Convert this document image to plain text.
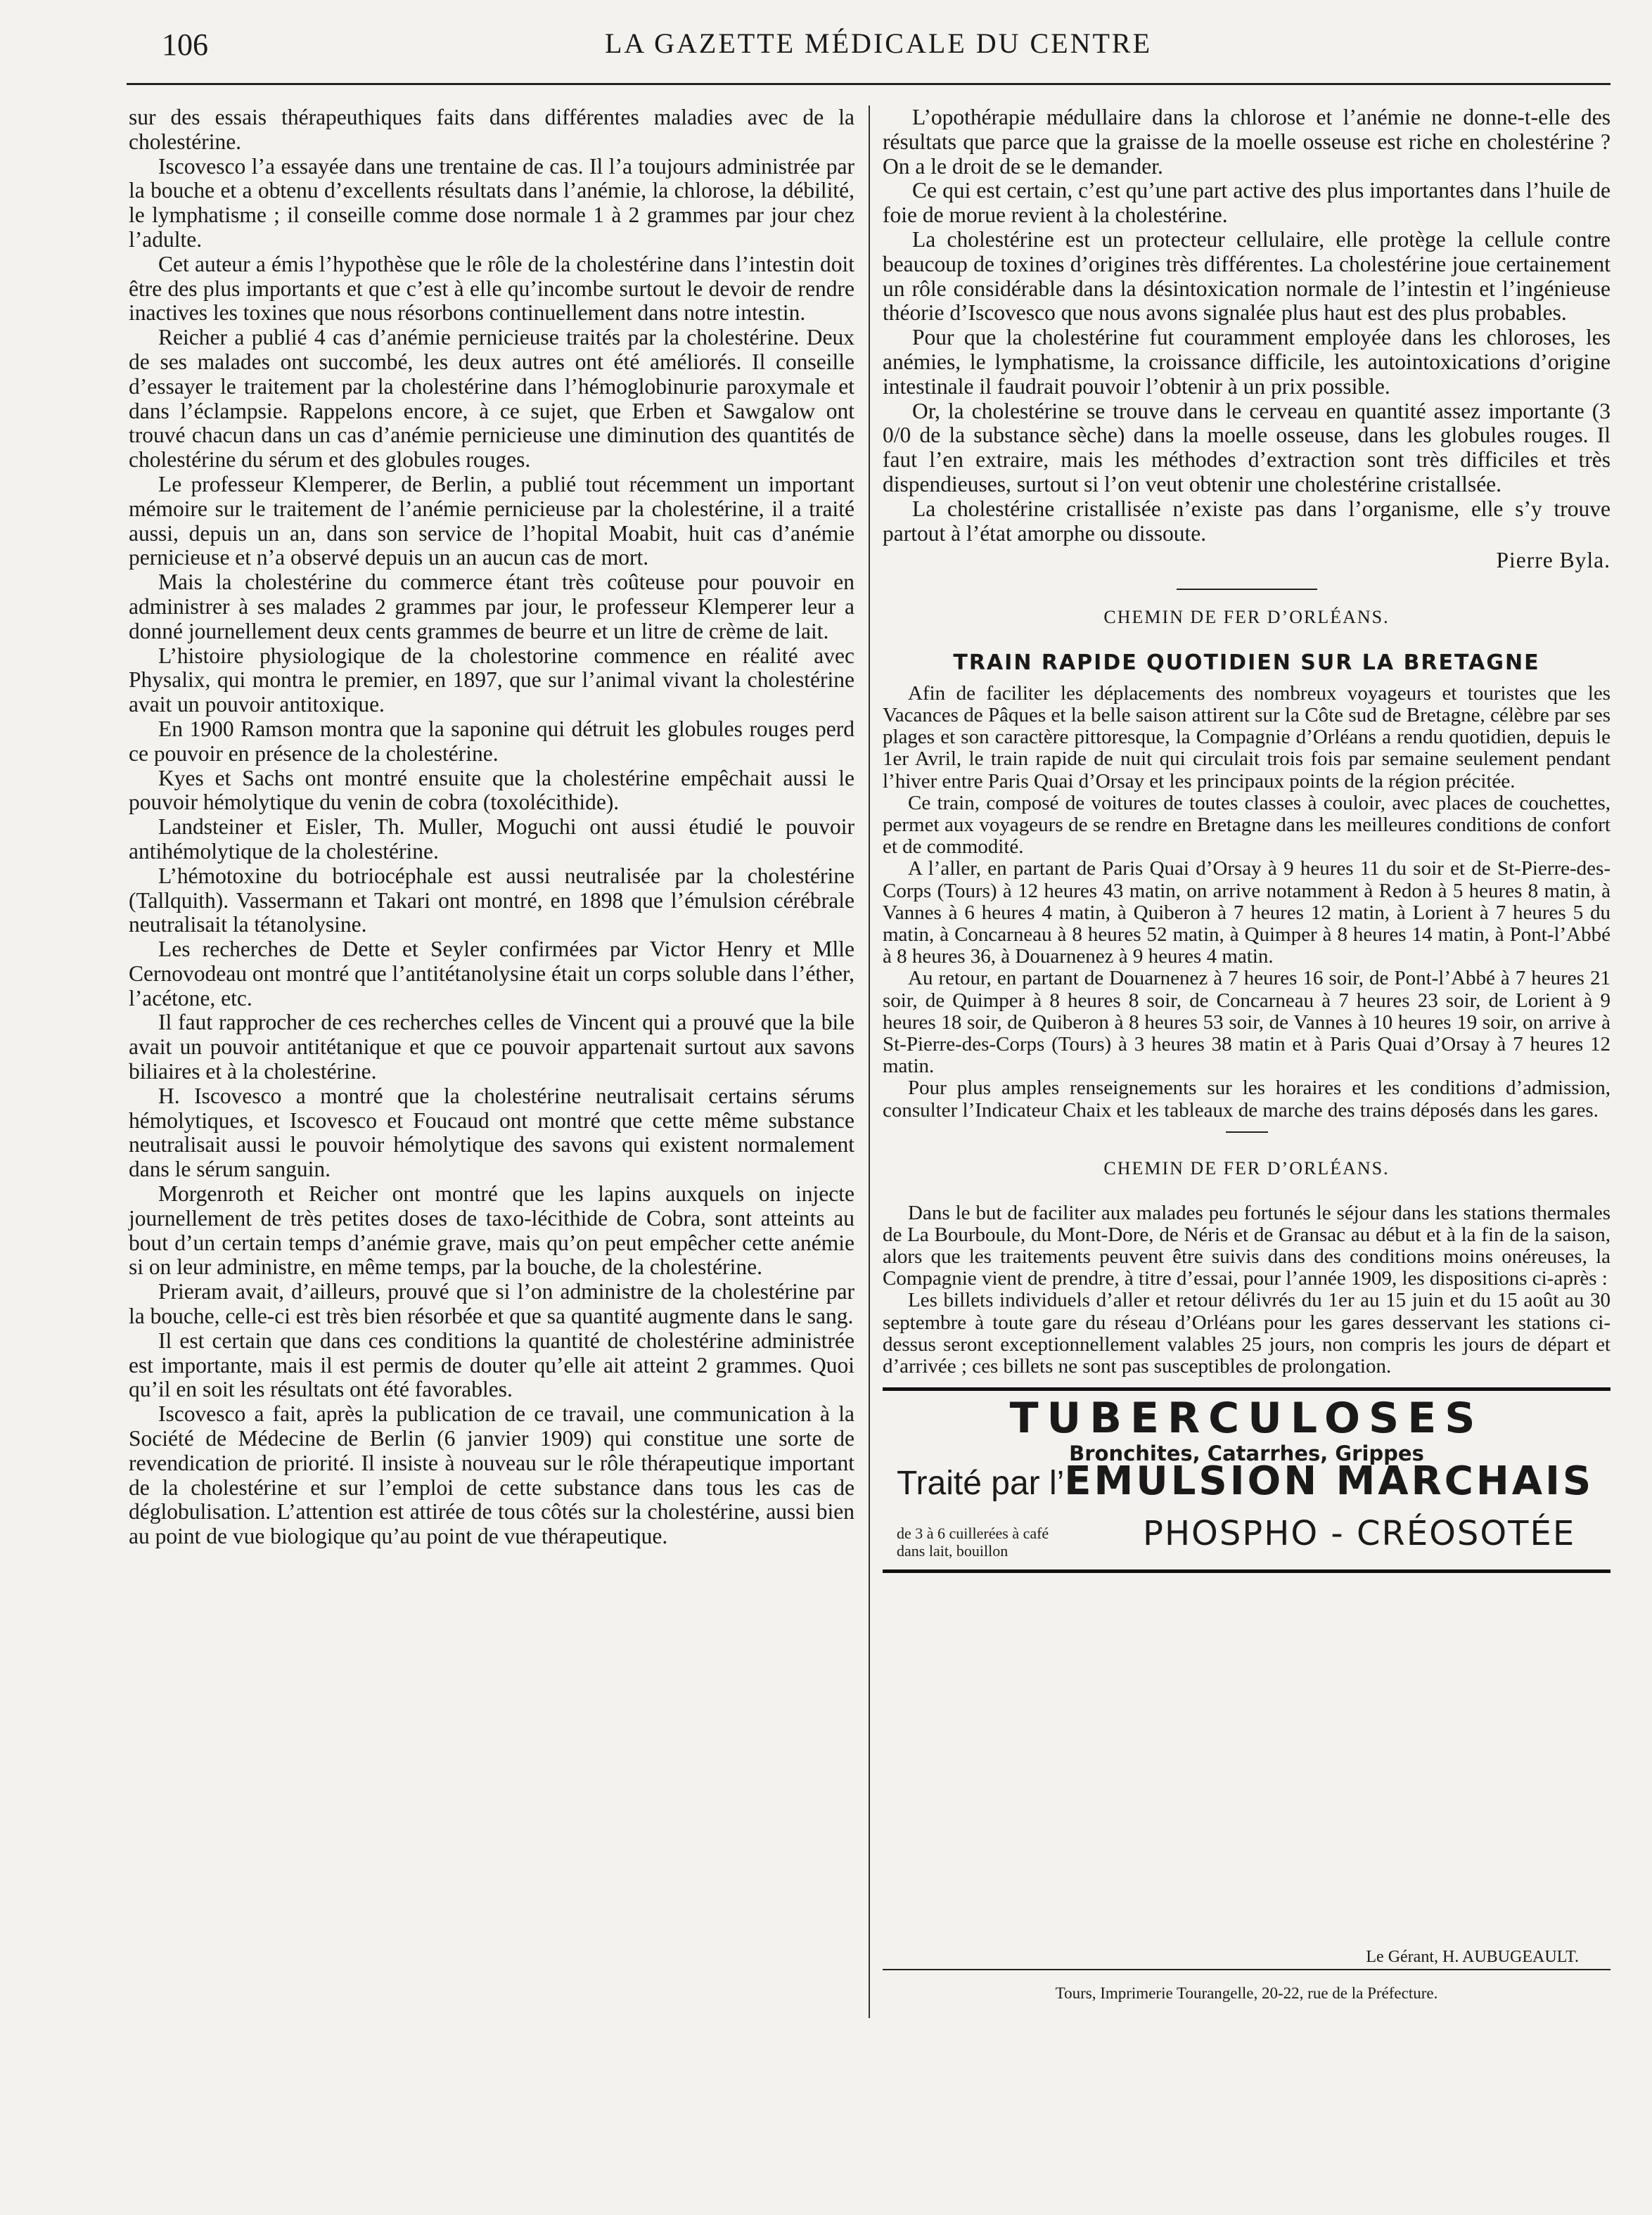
106	LA GAZETTE MÉDICALE DU CENTRE

sur des essais thérapeuthiques faits dans différentes maladies avec de la cholestérine.

Iscovesco l’a essayée dans une trentaine de cas. Il l’a toujours administrée par la bouche et a obtenu d’excellents résultats dans l’anémie, la chlorose, la débilité, le lymphatisme ; il conseille comme dose normale 1 à 2 grammes par jour chez l’adulte.

Cet auteur a émis l’hypothèse que le rôle de la cholestérine dans l’intestin doit être des plus importants et que c’est à elle qu’incombe surtout le devoir de rendre inactives les toxines que nous résorbons continuellement dans notre intestin.

Reicher a publié 4 cas d’anémie pernicieuse traités par la cholestérine. Deux de ses malades ont succombé, les deux autres ont été améliorés. Il conseille d’essayer le traitement par la cholestérine dans l’hémoglobinurie paroxymale et dans l’éclampsie. Rappelons encore, à ce sujet, que Erben et Sawgalow ont trouvé chacun dans un cas d’anémie pernicieuse une diminution des quantités de cholestérine du sérum et des globules rouges.

Le professeur Klemperer, de Berlin, a publié tout récemment un important mémoire sur le traitement de l’anémie pernicieuse par la cholestérine, il a traité aussi, depuis un an, dans son service de l’hopital Moabit, huit cas d’anémie pernicieuse et n’a observé depuis un an aucun cas de mort.

Mais la cholestérine du commerce étant très coûteuse pour pouvoir en administrer à ses malades 2 grammes par jour, le professeur Klemperer leur a donné journellement deux cents grammes de beurre et un litre de crème de lait.

L’histoire physiologique de la cholestorine commence en réalité avec Physalix, qui montra le premier, en 1897, que sur l’animal vivant la cholestérine avait un pouvoir antitoxique.

En 1900 Ramson montra que la saponine qui détruit les globules rouges perd ce pouvoir en présence de la cholestérine.

Kyes et Sachs ont montré ensuite que la cholestérine empêchait aussi le pouvoir hémolytique du venin de cobra (toxolécithide).

Landsteiner et Eisler, Th. Muller, Moguchi ont aussi étudié le pouvoir antihémolytique de la cholestérine.

L’hémotoxine du botriocéphale est aussi neutralisée par la cholestérine (Tallquith). Vassermann et Takari ont montré, en 1898 que l’émulsion cérébrale neutralisait la tétanolysine.

Les recherches de Dette et Seyler confirmées par Victor Henry et Mlle Cernovodeau ont montré que l’antitétanolysine était un corps soluble dans l’éther, l’acétone, etc.

Il faut rapprocher de ces recherches celles de Vincent qui a prouvé que la bile avait un pouvoir antitétanique et que ce pouvoir appartenait surtout aux savons biliaires et à la cholestérine.

H. Iscovesco a montré que la cholestérine neutralisait certains sérums hémolytiques, et Iscovesco et Foucaud ont montré que cette même substance neutralisait aussi le pouvoir hémolytique des savons qui existent normalement dans le sérum sanguin.

Morgenroth et Reicher ont montré que les lapins auxquels on injecte journellement de très petites doses de taxo-lécithide de Cobra, sont atteints au bout d’un certain temps d’anémie grave, mais qu’on peut empêcher cette anémie si on leur administre, en même temps, par la bouche, de la cholestérine.

Prieram avait, d’ailleurs, prouvé que si l’on administre de la cholestérine par la bouche, celle-ci est très bien résorbée et que sa quantité augmente dans le sang.

Il est certain que dans ces conditions la quantité de cholestérine administrée est importante, mais il est permis de douter qu’elle ait atteint 2 grammes. Quoi qu’il en soit les résultats ont été favorables.

Iscovesco a fait, après la publication de ce travail, une communication à la Société de Médecine de Berlin (6 janvier 1909) qui constitue une sorte de revendication de priorité. Il insiste à nouveau sur le rôle thérapeutique important de la cholestérine et sur l’emploi de cette substance dans tous les cas de déglobulisation. L’attention est attirée de tous côtés sur la cholestérine, aussi bien au point de vue biologique qu’au point de vue thérapeutique.

L’opothérapie médullaire dans la chlorose et l’anémie ne donne-t-elle des résultats que parce que la graisse de la moelle osseuse est riche en cholestérine ? On a le droit de se le demander.

Ce qui est certain, c’est qu’une part active des plus importantes dans l’huile de foie de morue revient à la cholestérine.

La cholestérine est un protecteur cellulaire, elle protège la cellule contre beaucoup de toxines d’origines très différentes. La cholestérine joue certainement un rôle considérable dans la désintoxication normale de l’intestin et l’ingénieuse théorie d’Iscovesco que nous avons signalée plus haut est des plus probables.

Pour que la cholestérine fut couramment employée dans les chloroses, les anémies, le lymphatisme, la croissance difficile, les autointoxications d’origine intestinale il faudrait pouvoir l’obtenir à un prix possible.

Or, la cholestérine se trouve dans le cerveau en quantité assez importante (3 0/0 de la substance sèche) dans la moelle osseuse, dans les globules rouges. Il faut l’en extraire, mais les méthodes d’extraction sont très difficiles et très dispendieuses, surtout si l’on veut obtenir une cholestérine cristallsée.

La cholestérine cristallisée n’existe pas dans l’organisme, elle s’y trouve partout à l’état amorphe ou dissoute.

Pierre Byla.
CHEMIN DE FER D’ORLÉANS.
TRAIN RAPIDE QUOTIDIEN SUR LA BRETAGNE

Afin de faciliter les déplacements des nombreux voyageurs et touristes que les Vacances de Pâques et la belle saison attirent sur la Côte sud de Bretagne, célèbre par ses plages et son caractère pittoresque, la Compagnie d’Orléans a rendu quotidien, depuis le 1er Avril, le train rapide de nuit qui circulait trois fois par semaine seulement pendant l’hiver entre Paris Quai d’Orsay et les principaux points de la région précitée.

Ce train, composé de voitures de toutes classes à couloir, avec places de couchettes, permet aux voyageurs de se rendre en Bretagne dans les meilleures conditions de confort et de commodité.

A l’aller, en partant de Paris Quai d’Orsay à 9 heures 11 du soir et de St-Pierre-des-Corps (Tours) à 12 heures 43 matin, on arrive notamment à Redon à 5 heures 8 matin, à Vannes à 6 heures 4 matin, à Quiberon à 7 heures 12 matin, à Lorient à 7 heures 5 du matin, à Concarneau à 8 heures 52 matin, à Quimper à 8 heures 14 matin, à Pont-l’Abbé à 8 heures 36, à Douarnenez à 9 heures 4 matin.

Au retour, en partant de Douarnenez à 7 heures 16 soir, de Pont-l’Abbé à 7 heures 21 soir, de Quimper à 8 heures 8 soir, de Concarneau à 7 heures 23 soir, de Lorient à 9 heures 18 soir, de Quiberon à 8 heures 53 soir, de Vannes à 10 heures 19 soir, on arrive à St-Pierre-des-Corps (Tours) à 3 heures 38 matin et à Paris Quai d’Orsay à 7 heures 12 matin.

Pour plus amples renseignements sur les horaires et les conditions d’admission, consulter l’Indicateur Chaix et les tableaux de marche des trains déposés dans les gares.

CHEMIN DE FER D’ORLÉANS.

Dans le but de faciliter aux malades peu fortunés le séjour dans les stations thermales de La Bourboule, du Mont-Dore, de Néris et de Gransac au début et à la fin de la saison, alors que les traitements peuvent être suivis dans des conditions moins onéreuses, la Compagnie vient de prendre, à titre d’essai, pour l’année 1909, les dispositions ci-après :

Les billets individuels d’aller et retour délivrés du 1er au 15 juin et du 15 août au 30 septembre à toute gare du réseau d’Orléans pour les gares desservant les stations ci-dessus seront exceptionnellement valables 25 jours, non compris les jours de départ et d’arrivée ; ces billets ne sont pas susceptibles de prolongation.

TUBERCULOSES
Bronchites, Catarrhes, Grippes
Traité par l’EMULSION MARCHAIS
de 3 à 6 cuillerées à café
dans lait, bouillon	PHOSPHO - CRÉOSOTÉE
Le Gérant, H. AUBUGEAULT.
Tours, Imprimerie Tourangelle, 20-22, rue de la Préfecture.
